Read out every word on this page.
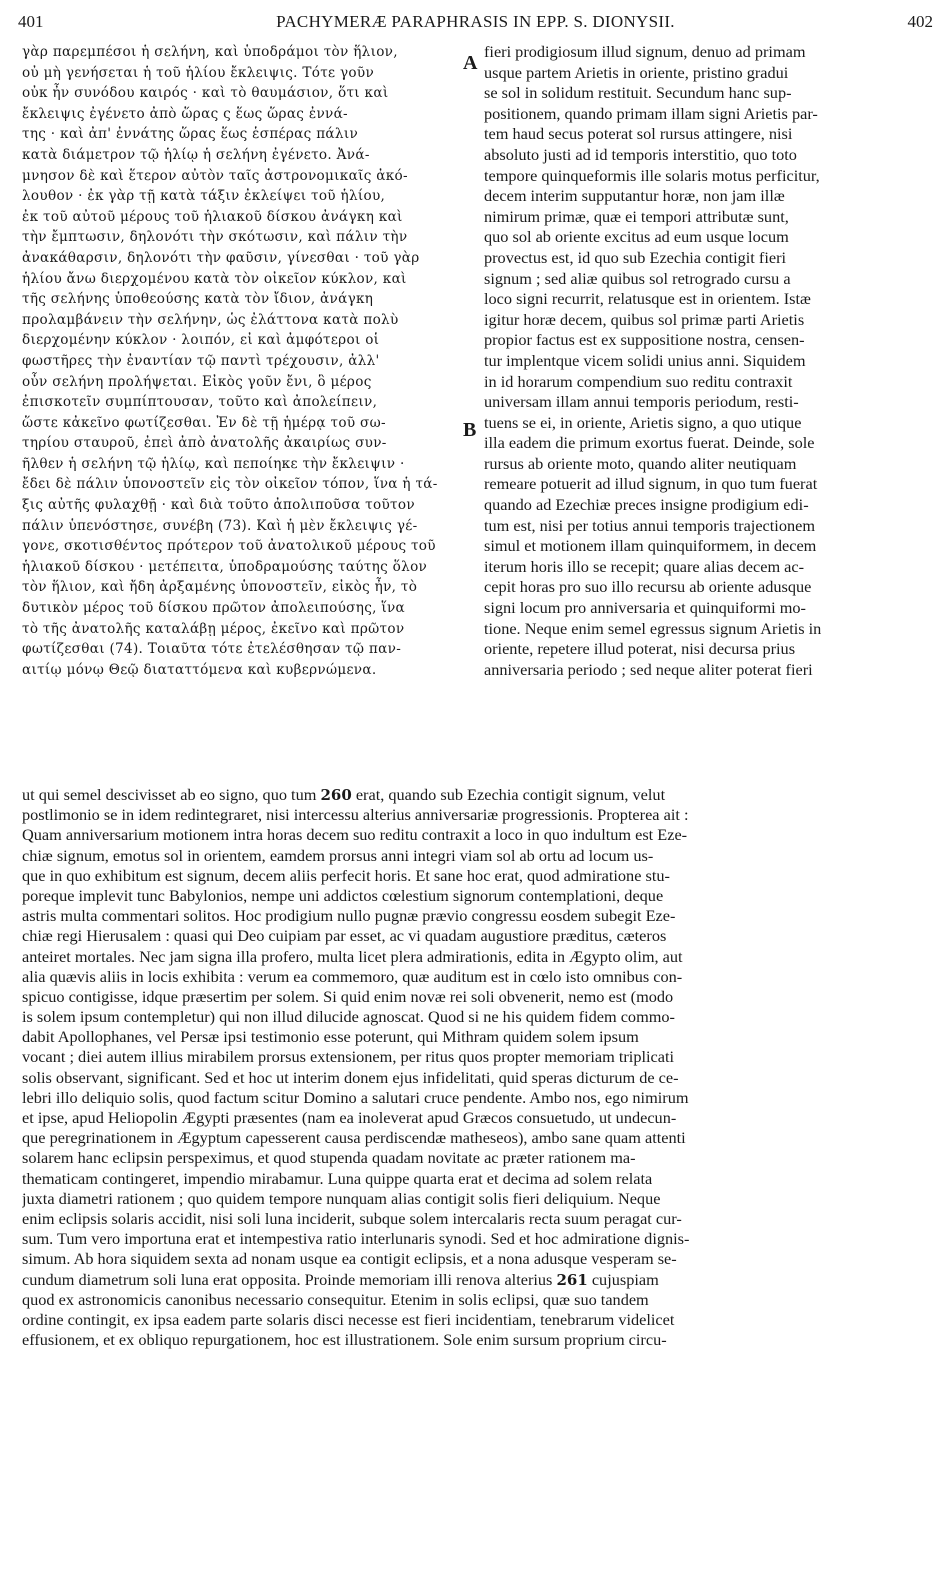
401	PACHYMERÆ PARAPHRASIS IN EPP. S. DIONYSII.	402
γὰρ παρεμπέσοι ἡ σελήνη, καὶ ὑποδράμοι τὸν ἥλιον,
οὐ μὴ γενήσεται ἡ τοῦ ἡλίου ἔκλειψις. Τότε γοῦν
οὐκ ἦν συνόδου καιρός · καὶ τὸ θαυμάσιον, ὅτι καὶ
ἔκλειψις ἐγένετο ἀπὸ ὥρας ς ἕως ὥρας ἐννά-
της · καὶ ἀπ' ἐννάτης ὥρας ἕως ἑσπέρας πάλιν
κατὰ διάμετρον τῷ ἡλίῳ ἡ σελήνη ἐγένετο. Ἀνά-
μνησον δὲ καὶ ἕτερον αὐτὸν ταῖς ἀστρονομικαῖς ἀκό-
λουθον · ἐκ γὰρ τῇ κατὰ τάξιν ἐκλείψει τοῦ ἡλίου,
ἐκ τοῦ αὐτοῦ μέρους τοῦ ἡλιακοῦ δίσκου ἀνάγκη καὶ
τὴν ἔμπτωσιν, δηλονότι τὴν σκότωσιν, καὶ πάλιν τὴν
ἀνακάθαρσιν, δηλονότι τὴν φαῦσιν, γίνεσθαι · τοῦ γὰρ
ἡλίου ἄνω διερχομένου κατὰ τὸν οἰκεῖον κύκλον, καὶ
τῆς σελήνης ὑποθεούσης κατὰ τὸν ἴδιον, ἀνάγκη
προλαμβάνειν τὴν σελήνην, ὡς ἐλάττονα κατὰ πολὺ
διερχομένην κύκλον · λοιπόν, εἰ καὶ ἀμφότεροι οἱ
φωστῆρες τὴν ἐναντίαν τῷ παντὶ τρέχουσιν, ἀλλ'
οὖν σελήνη προλήψεται. Εἰκὸς γοῦν ἔνι, ὃ μέρος
ἐπισκοτεῖν συμπίπτουσαν, τοῦτο καὶ ἀπολείπειν,
ὥστε κἀκεῖνο φωτίζεσθαι. Ἐν δὲ τῇ ἡμέρᾳ τοῦ σω-
τηρίου σταυροῦ, ἐπεὶ ἀπὸ ἀνατολῆς ἀκαιρίως συν-
ῆλθεν ἡ σελήνη τῷ ἡλίῳ, καὶ πεποίηκε τὴν ἔκλειψιν ·
ἔδει δὲ πάλιν ὑπονοστεῖν εἰς τὸν οἰκεῖον τόπον, ἵνα ἡ τά-
ξις αὐτῆς φυλαχθῇ · καὶ διὰ τοῦτο ἀπολιποῦσα τοῦτον
πάλιν ὑπενόστησε, συνέβη (73). Καὶ ἡ μὲν ἔκλειψις γέ-
γονε, σκοτισθέντος πρότερον τοῦ ἀνατολικοῦ μέρους τοῦ
ἡλιακοῦ δίσκου · μετέπειτα, ὑποδραμούσης ταύτης ὅλον
τὸν ἥλιον, καὶ ἤδη ἀρξαμένης ὑπονοστεῖν, εἰκὸς ἦν, τὸ
δυτικὸν μέρος τοῦ δίσκου πρῶτον ἀπολειπούσης, ἵνα
τὸ τῆς ἀνατολῆς καταλάβῃ μέρος, ἐκεῖνο καὶ πρῶτον
φωτίζεσθαι (74). Τοιαῦτα τότε ἐτελέσθησαν τῷ παν-
αιτίῳ μόνῳ Θεῷ διαταττόμενα καὶ κυβερνώμενα.
A
B
fieri prodigiosum illud signum, denuo ad primam
usque partem Arietis in oriente, pristino gradui
se sol in solidum restituit. Secundum hanc sup-
positionem, quando primam illam signi Arietis par-
tem haud secus poterat sol rursus attingere, nisi
absoluto justi ad id temporis interstitio, quo toto
tempore quinqueformis ille solaris motus perficitur,
decem interim supputantur horæ, non jam illæ
nimirum primæ, quæ ei tempori attributæ sunt,
quo sol ab oriente excitus ad eum usque locum
provectus est, id quo sub Ezechia contigit fieri
signum ; sed aliæ quibus sol retrogrado cursu a
loco signi recurrit, relatusque est in orientem. Istæ
igitur horæ decem, quibus sol primæ parti Arietis
propior factus est ex suppositione nostra, censen-
tur implentque vicem solidi unius anni. Siquidem
in id horarum compendium suo reditu contraxit
universam illam annui temporis periodum, resti-
tuens se ei, in oriente, Arietis signo, a quo utique
illa eadem die primum exortus fuerat. Deinde, sole
rursus ab oriente moto, quando aliter neutiquam
remeare potuerit ad illud signum, in quo tum fuerat
quando ad Ezechiæ preces insigne prodigium edi-
tum est, nisi per totius annui temporis trajectionem
simul et motionem illam quinquiformem, in decem
iterum horis illo se recepit; quare alias decem ac-
cepit horas pro suo illo recursu ab oriente adusque
signi locum pro anniversaria et quinquiformi mo-
tione. Neque enim semel egressus signum Arietis in
oriente, repetere illud poterat, nisi decursa prius
anniversaria periodo ; sed neque aliter poterat fieri
ut qui semel descivisset ab eo signo, quo tum 260 erat, quando sub Ezechia contigit signum, velut
postlimonio se in idem redintegraret, nisi intercessu alterius anniversariæ progressionis. Propterea ait :
Quam anniversarium motionem intra horas decem suo reditu contraxit a loco in quo indultum est Eze-
chiæ signum, emotus sol in orientem, eamdem prorsus anni integri viam sol ab ortu ad locum us-
que in quo exhibitum est signum, decem aliis perfecit horis. Et sane hoc erat, quod admiratione stu-
poreque implevit tunc Babylonios, nempe uni addictos cœlestium signorum contemplationi, deque
astris multa commentari solitos. Hoc prodigium nullo pugnæ prævio congressu eosdem subegit Eze-
chiæ regi Hierusalem : quasi qui Deo cuipiam par esset, ac vi quadam augustiore præditus, cæteros
anteiret mortales. Nec jam signa illa profero, multa licet plera admirationis, edita in Ægypto olim, aut
alia quævis aliis in locis exhibita : verum ea commemoro, quæ auditum est in cœlo isto omnibus con-
spicuo contigisse, idque præsertim per solem. Si quid enim novæ rei soli obvenerit, nemo est (modo
is solem ipsum contempletur) qui non illud dilucide agnoscat. Quod si ne his quidem fidem commo-
dabit Apollophanes, vel Persæ ipsi testimonio esse poterunt, qui Mithram quidem solem ipsum
vocant ; diei autem illius mirabilem prorsus extensionem, per ritus quos propter memoriam triplicati
solis observant, significant. Sed et hoc ut interim donem ejus infidelitati, quid speras dicturum de ce-
lebri illo deliquio solis, quod factum scitur Domino a salutari cruce pendente. Ambo nos, ego nimirum
et ipse, apud Heliopolin Ægypti præsentes (nam ea inoleverat apud Græcos consuetudo, ut undecun-
que peregrinationem in Ægyptum capesserent causa perdiscendæ matheseos), ambo sane quam attenti
solarem hanc eclipsin perspeximus, et quod stupenda quadam novitate ac præter rationem ma-
thematicam contingeret, impendio mirabamur. Luna quippe quarta erat et decima ad solem relata
juxta diametri rationem ; quo quidem tempore nunquam alias contigit solis fieri deliquium. Neque
enim eclipsis solaris accidit, nisi soli luna inciderit, subque solem intercalaris recta suum peragat cur-
sum. Tum vero importuna erat et intempestiva ratio interlunaris synodi. Sed et hoc admiratione dignis-
simum. Ab hora siquidem sexta ad nonam usque ea contigit eclipsis, et a nona adusque vesperam se-
cundum diametrum soli luna erat opposita. Proinde memoriam illi renova alterius 261 cujuspiam
quod ex astronomicis canonibus necessario consequitur. Etenim in solis eclipsi, quæ suo tandem
ordine contingit, ex ipsa eadem parte solaris disci necesse est fieri incidentiam, tenebrarum videlicet
effusionem, et ex obliquo repurgationem, hoc est illustrationem. Sole enim sursum proprium circu-
